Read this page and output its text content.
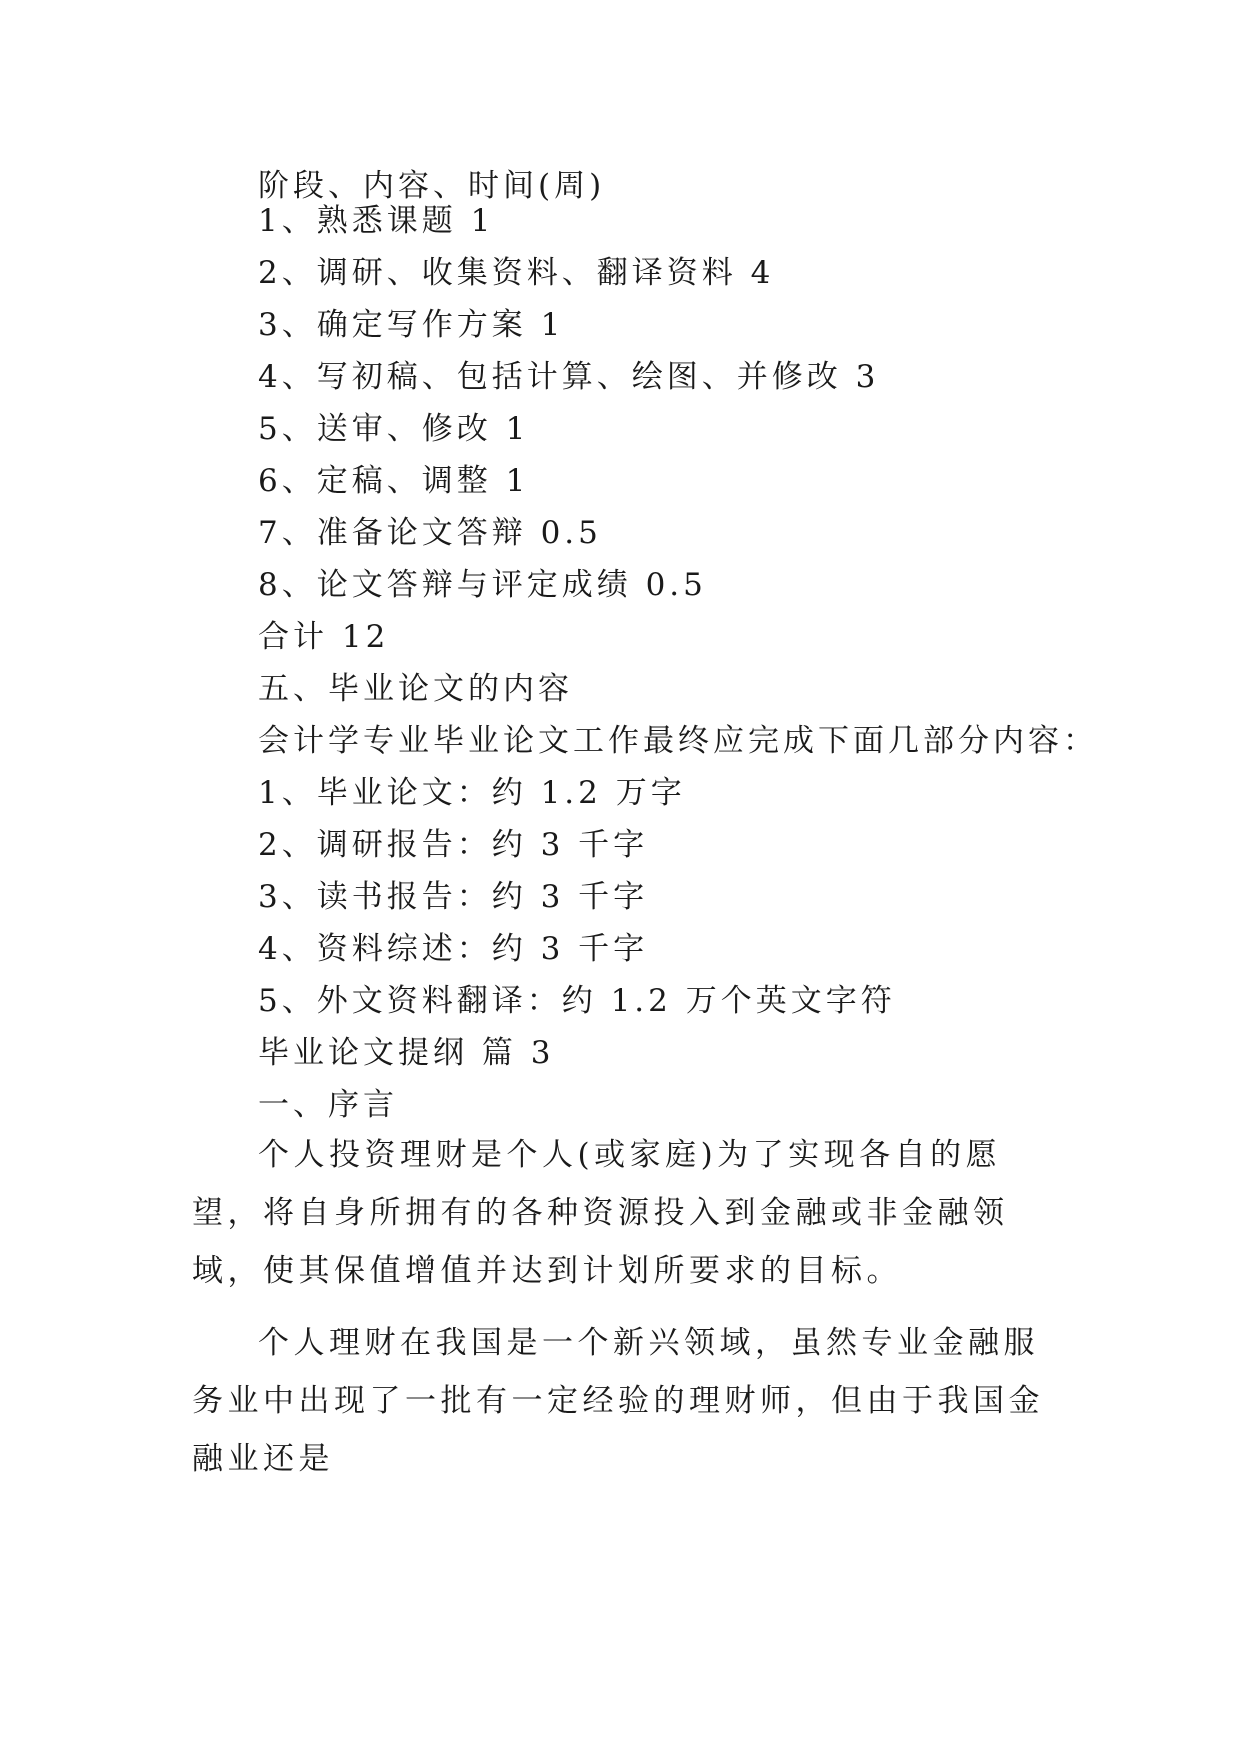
阶段、内容、时间(周)
1、熟悉课题 1
2、调研、收集资料、翻译资料 4
3、确定写作方案 1
4、写初稿、包括计算、绘图、并修改 3
5、送审、修改 1
6、定稿、调整 1
7、准备论文答辩 0.5
8、论文答辩与评定成绩 0.5
合计 12
五、毕业论文的内容
会计学专业毕业论文工作最终应完成下面几部分内容：
1、毕业论文：约 1.2 万字
2、调研报告：约 3 千字
3、读书报告：约 3 千字
4、资料综述：约 3 千字
5、外文资料翻译：约 1.2 万个英文字符
毕业论文提纲 篇 3
一、序言

个人投资理财是个人(或家庭)为了实现各自的愿望，将自身所拥有的各种资源投入到金融或非金融领域，使其保值增值并达到计划所要求的目标。

个人理财在我国是一个新兴领域，虽然专业金融服务业中出现了一批有一定经验的理财师，但由于我国金融业还是
